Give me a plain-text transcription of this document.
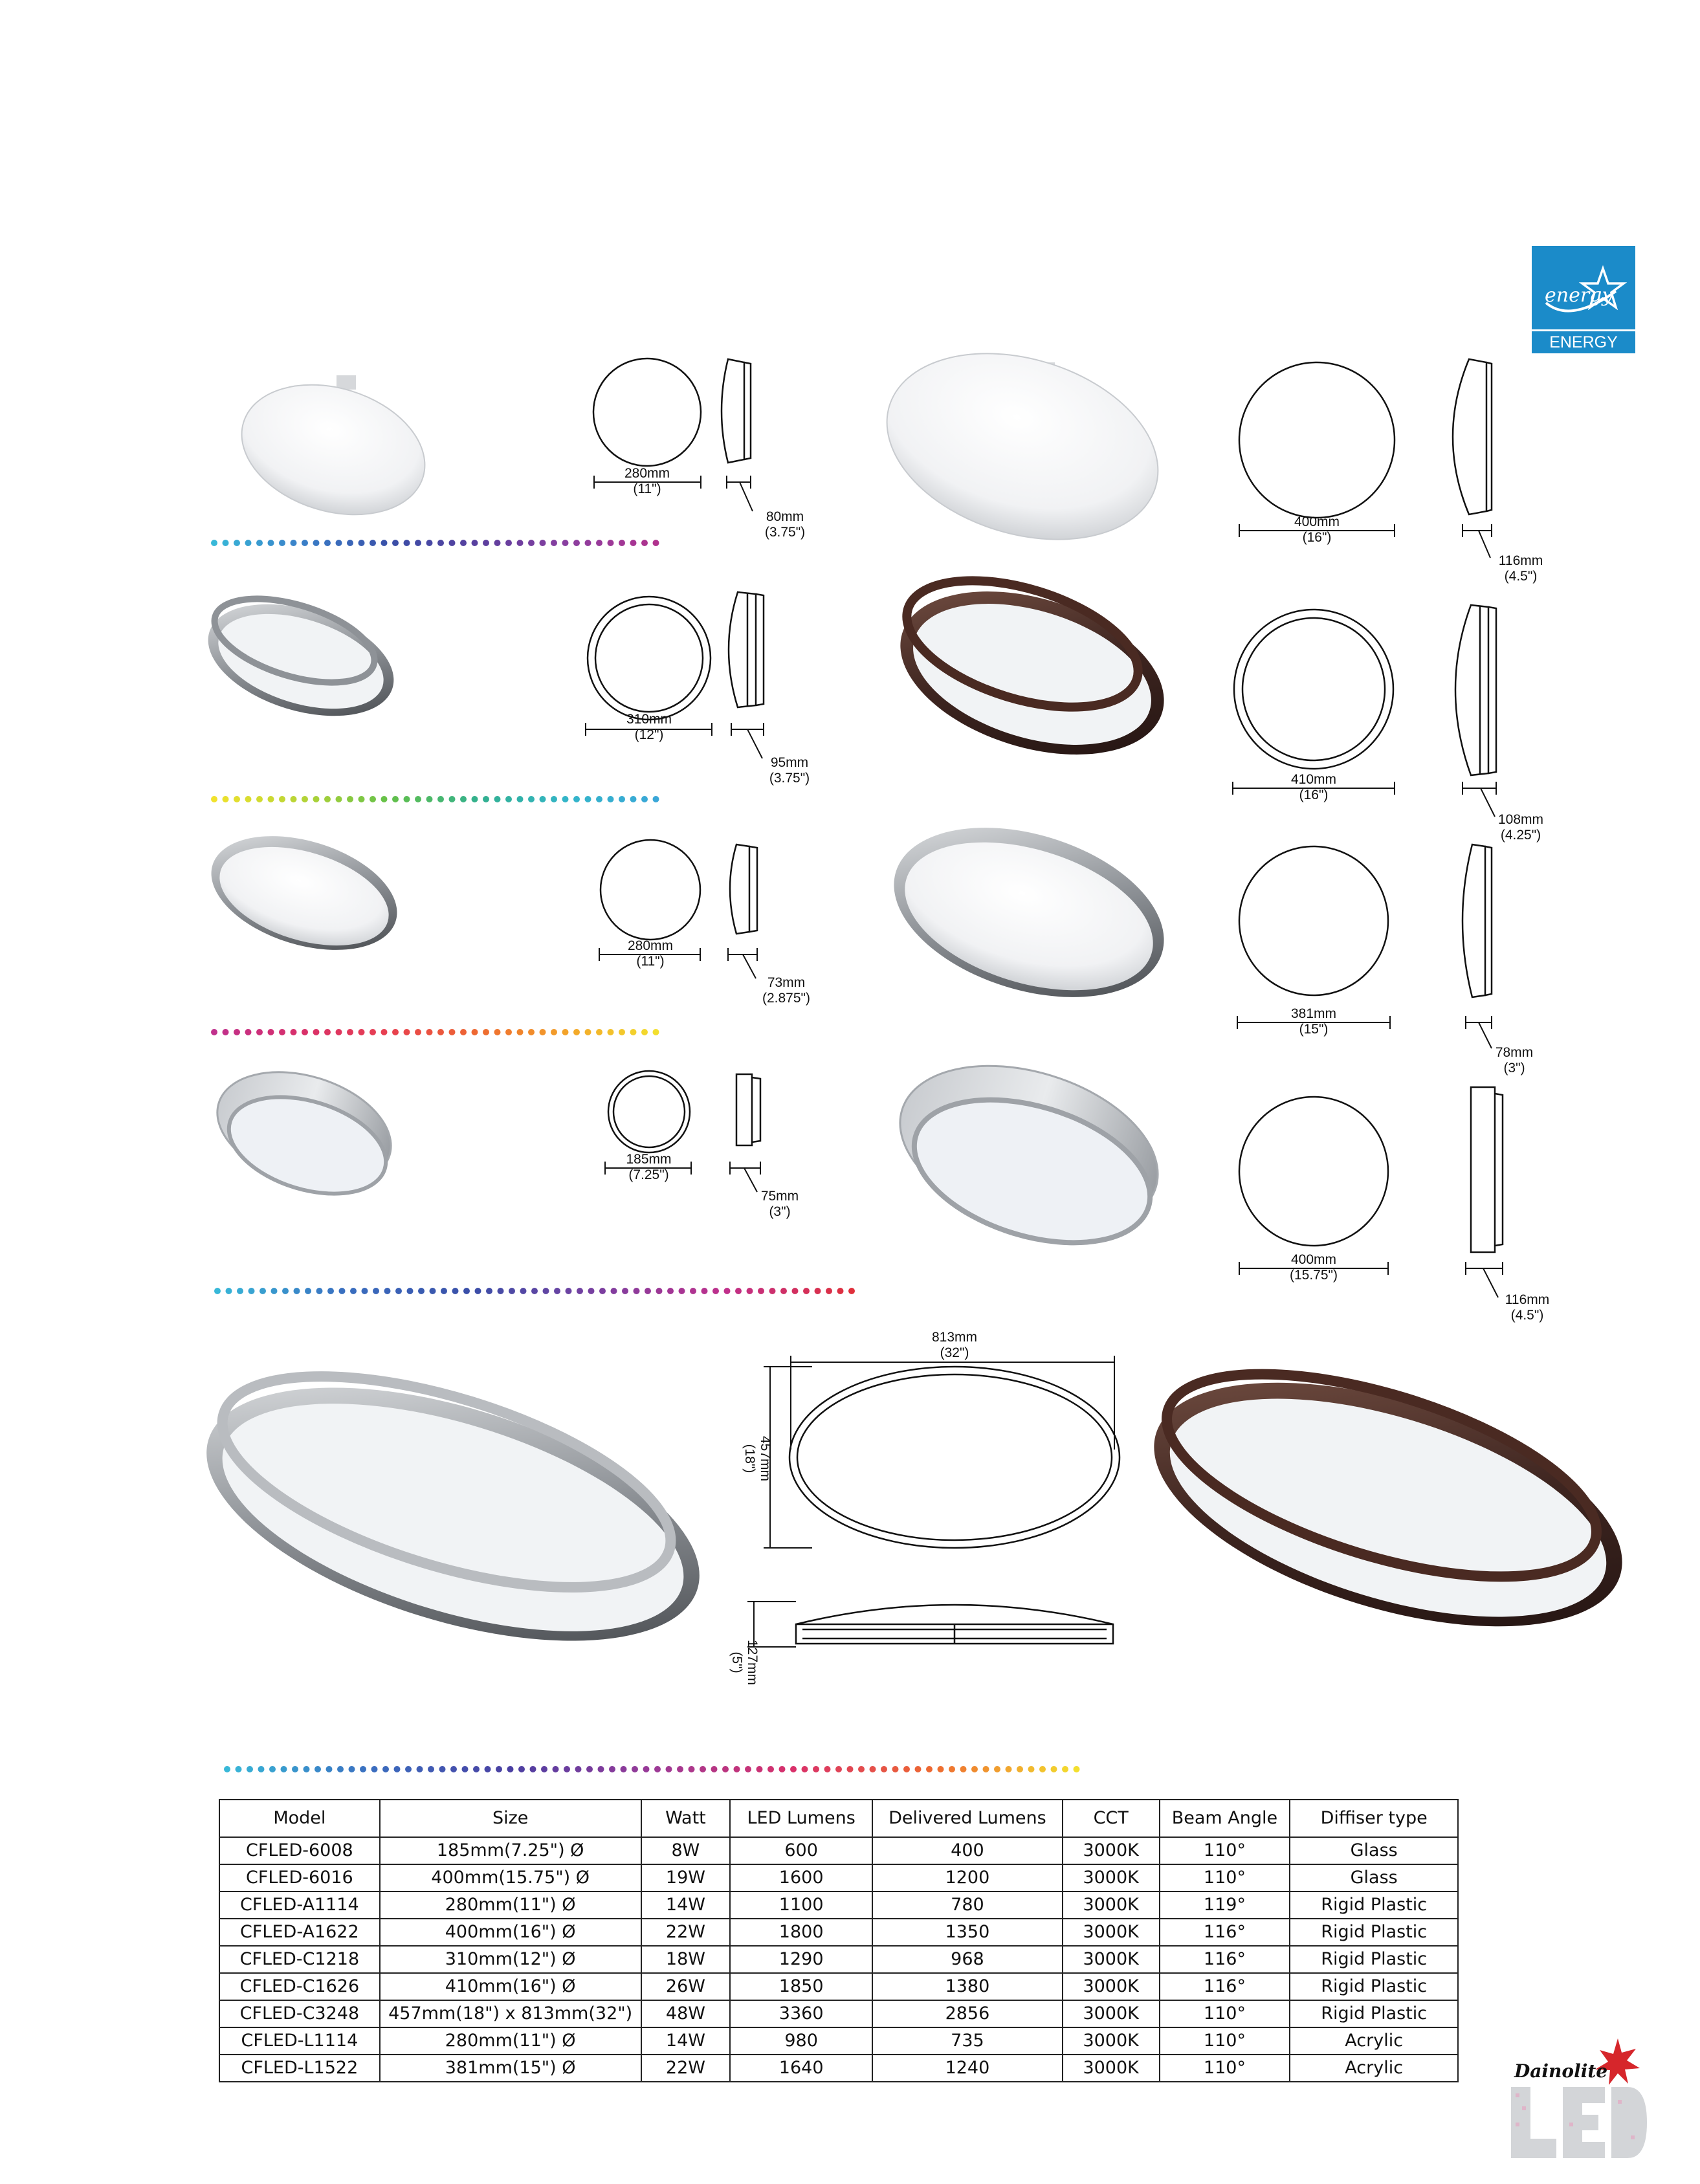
energy
ENERGY STAR
280mm
(11")
80mm
(3.75")
400mm
(16")
116mm
(4.5")
310mm
(12")
95mm
(3.75")	410mm
(16")
108mm
(4.25")
280mm
(11")
73mm
(2.875")
381mm
(15")
78mm
(3")
185mm
(7.25")
75mm
(3")
400mm
(15.75")
116mm
(4.5")
813mm
(32")
457mm
(18")
127mm
(5")
Model	Size	Watt	LED Lumens	Delivered Lumens	CCT	Beam Angle	Diffiser type
CFLED-6008	185mm(7.25") Ø	8W	600	400	3000K	110°	Glass
CFLED-6016	400mm(15.75") Ø	19W	1600	1200	3000K	110°	Glass
CFLED-A1114	280mm(11") Ø	14W	1100	780	3000K	119°	Rigid Plastic
CFLED-A1622	400mm(16") Ø	22W	1800	1350	3000K	116°	Rigid Plastic
CFLED-C1218	310mm(12") Ø	18W	1290	968	3000K	116°	Rigid Plastic
CFLED-C1626	410mm(16") Ø	26W	1850	1380	3000K	116°	Rigid Plastic
CFLED-C3248	457mm(18") x 813mm(32")	48W	3360	2856	3000K	110°	Rigid Plastic
CFLED-L1114	280mm(11") Ø	14W	980	735	3000K	110°	Acrylic
CFLED-L1522	381mm(15") Ø	22W	1640	1240	3000K	110°	Acrylic	Dainolite
